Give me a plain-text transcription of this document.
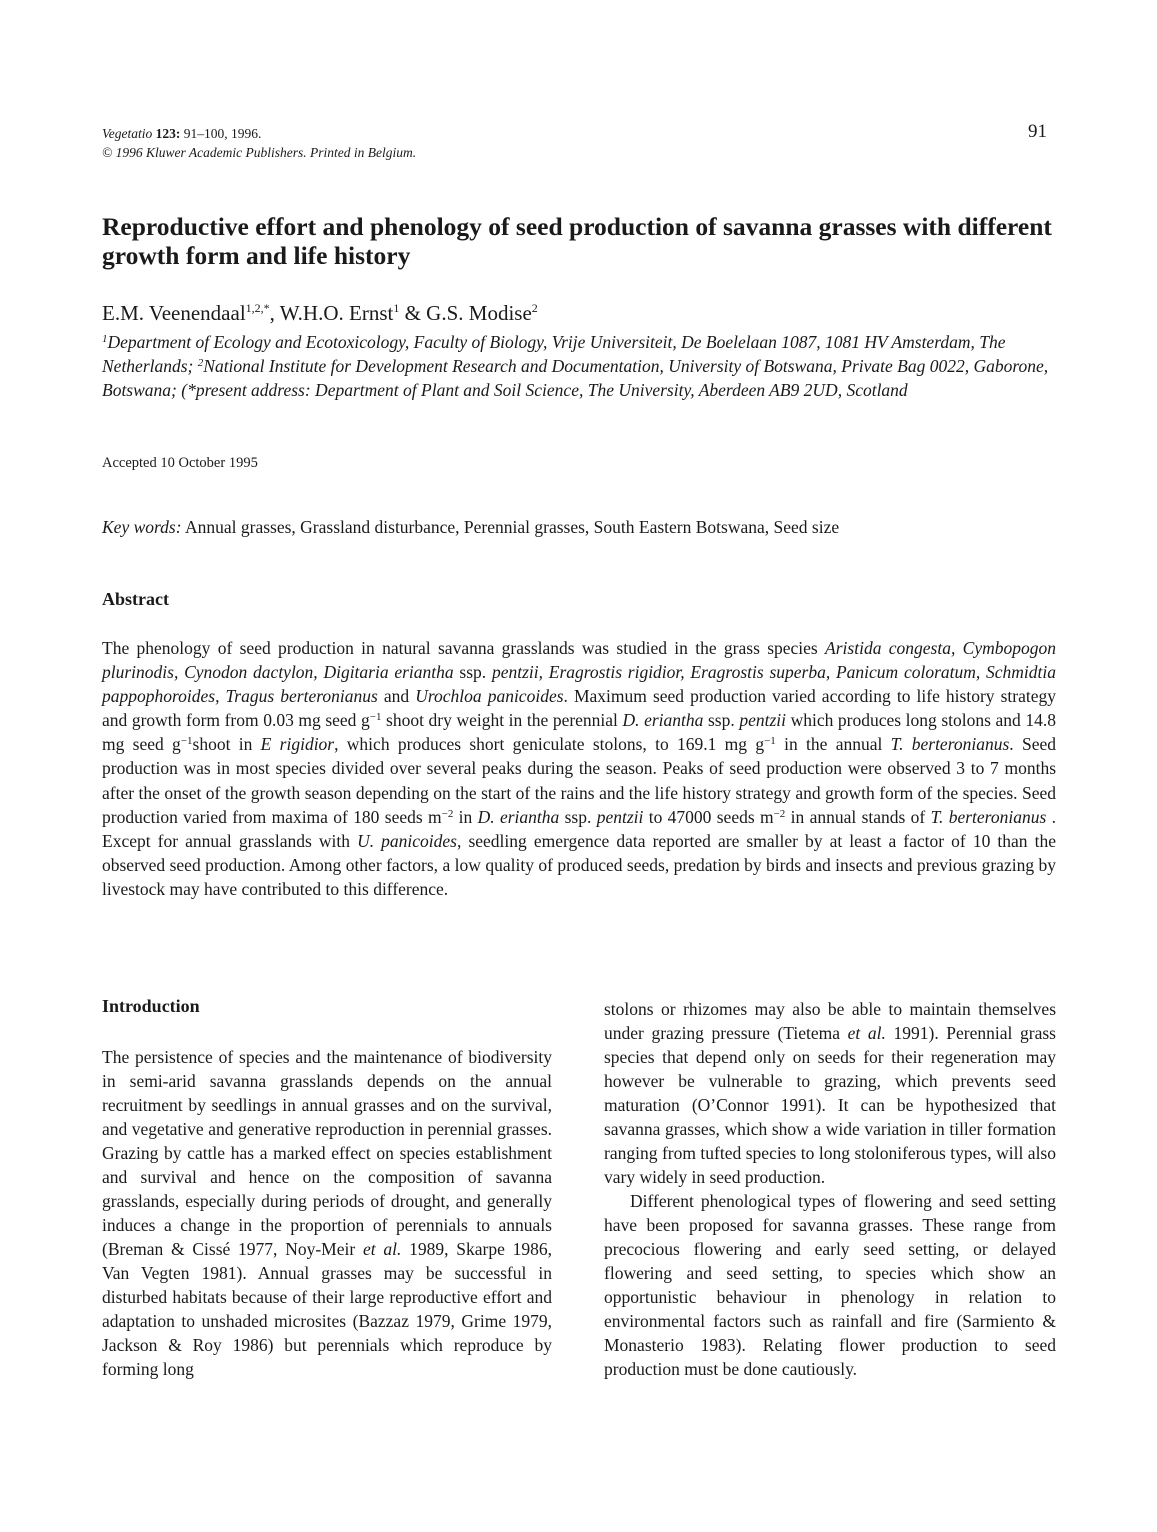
Vegetatio 123: 91–100, 1996.
© 1996 Kluwer Academic Publishers. Printed in Belgium.
91
Reproductive effort and phenology of seed production of savanna grasses with different growth form and life history
E.M. Veenendaal$^{1,2,*}$, W.H.O. Ernst$^1$ & G.S. Modise$^2$
$^1$Department of Ecology and Ecotoxicology, Faculty of Biology, Vrije Universiteit, De Boelelaan 1087, 1081 HV Amsterdam, The Netherlands; $^2$National Institute for Development Research and Documentation, University of Botswana, Private Bag 0022, Gaborone, Botswana; (*present address: Department of Plant and Soil Science, The University, Aberdeen AB9 2UD, Scotland
Accepted 10 October 1995
Key words: Annual grasses, Grassland disturbance, Perennial grasses, South Eastern Botswana, Seed size
Abstract
The phenology of seed production in natural savanna grasslands was studied in the grass species Aristida congesta, Cymbopogon plurinodis, Cynodon dactylon, Digitaria eriantha ssp. pentzii, Eragrostis rigidior, Eragrostis superba, Panicum coloratum, Schmidtia pappophoroides, Tragus berteronianus and Urochloa panicoides. Maximum seed production varied according to life history strategy and growth form from 0.03 mg seed $g^{-1}$ shoot dry weight in the perennial D. eriantha ssp. pentzii which produces long stolons and 14.8 mg seed $g^{-1}shoot$ in E rigidior, which produces short geniculate stolons, to 169.1 mg $g^{-1}$ in the annual T. berteronianus. Seed production was in most species divided over several peaks during the season. Peaks of seed production were observed 3 to 7 months after the onset of the growth season depending on the start of the rains and the life history strategy and growth form of the species. Seed production varied from maxima of 180 seeds $m^{-2}$ in D. eriantha ssp. pentzii to 47000 seeds $m^{-2}$ in annual stands of T. berteronianus . Except for annual grasslands with U. panicoides, seedling emergence data reported are smaller by at least a factor of 10 than the observed seed production. Among other factors, a low quality of produced seeds, predation by birds and insects and previous grazing by livestock may have contributed to this difference.
Introduction
The persistence of species and the maintenance of biodiversity in semi-arid savanna grasslands depends on the annual recruitment by seedlings in annual grasses and on the survival, and vegetative and generative reproduction in perennial grasses. Grazing by cattle has a marked effect on species establishment and survival and hence on the composition of savanna grasslands, especially during periods of drought, and generally induces a change in the proportion of perennials to annuals (Breman & Cissé 1977, Noy-Meir et al. 1989, Skarpe 1986, Van Vegten 1981). Annual grasses may be successful in disturbed habitats because of their large reproductive effort and adaptation to unshaded microsites (Bazzaz 1979, Grime 1979, Jackson & Roy 1986) but perennials which reproduce by forming long

stolons or rhizomes may also be able to maintain themselves under grazing pressure (Tietema et al. 1991). Perennial grass species that depend only on seeds for their regeneration may however be vulnerable to grazing, which prevents seed maturation (O’Connor 1991). It can be hypothesized that savanna grasses, which show a wide variation in tiller formation ranging from tufted species to long stoloniferous types, will also vary widely in seed production.

Different phenological types of flowering and seed setting have been proposed for savanna grasses. These range from precocious flowering and early seed setting, or delayed flowering and seed setting, to species which show an opportunistic behaviour in phenology in relation to environmental factors such as rainfall and fire (Sarmiento & Monasterio 1983). Relating flower production to seed production must be done cautiously.
